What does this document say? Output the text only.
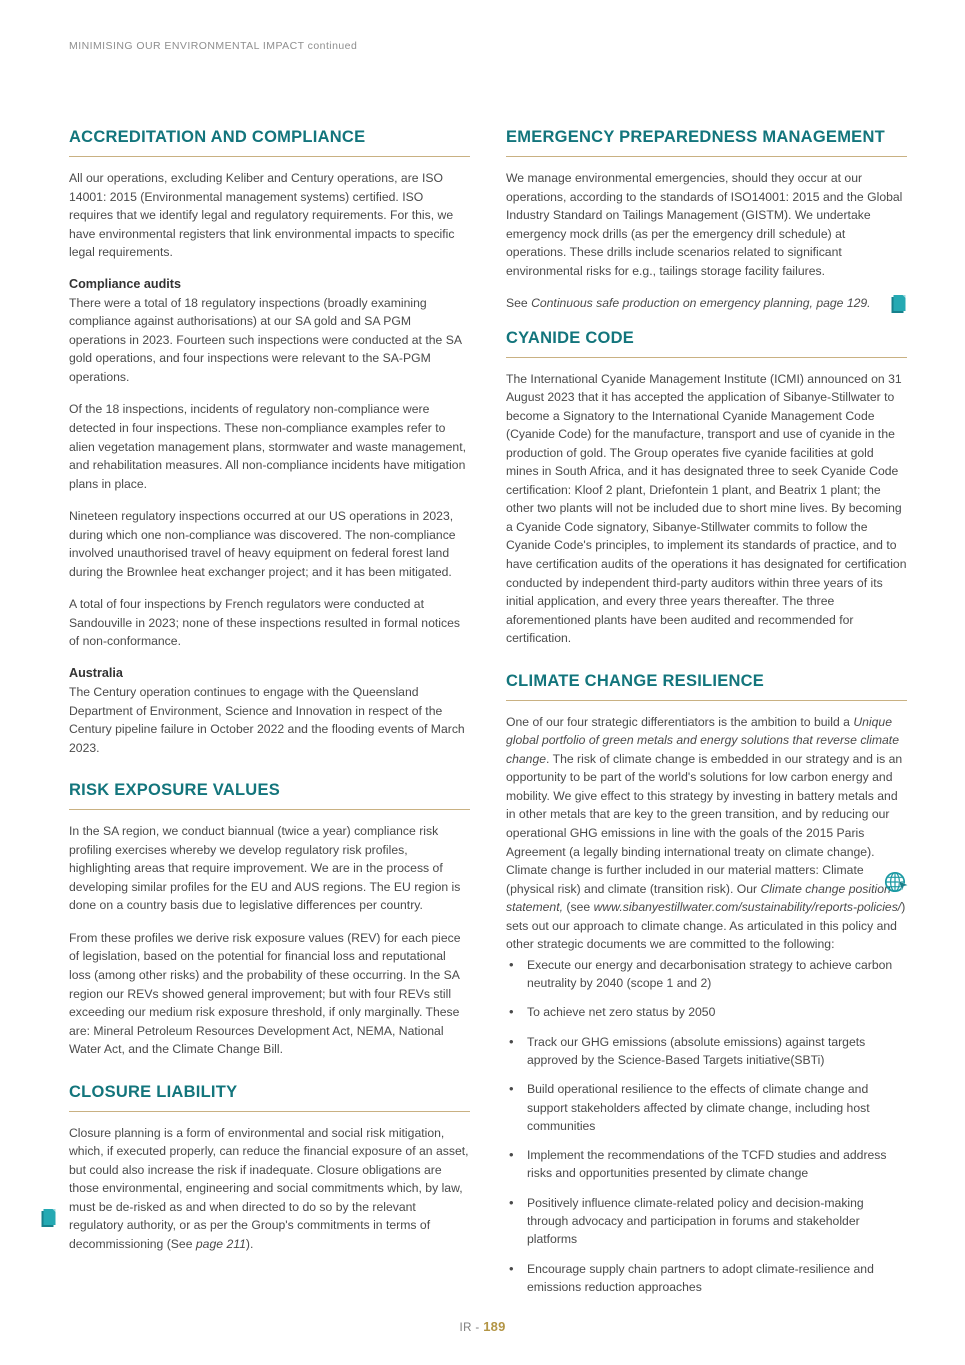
MINIMISING OUR ENVIRONMENTAL IMPACT continued
ACCREDITATION AND COMPLIANCE

All our operations, excluding Keliber and Century operations, are ISO 14001: 2015 (Environmental management systems) certified. ISO requires that we identify legal and regulatory requirements. For this, we have environmental registers that link environmental impacts to specific legal requirements.

Compliance audits

There were a total of 18 regulatory inspections (broadly examining compliance against authorisations) at our SA gold and SA PGM operations in 2023. Fourteen such inspections were conducted at the SA gold operations, and four inspections were relevant to the SA-PGM operations.

Of the 18 inspections, incidents of regulatory non-compliance were detected in four inspections. These non-compliance examples refer to alien vegetation management plans, stormwater and waste management, and rehabilitation measures. All non-compliance incidents have mitigation plans in place.

Nineteen regulatory inspections occurred at our US operations in 2023, during which one non-compliance was discovered. The non-compliance involved unauthorised travel of heavy equipment on federal forest land during the Brownlee heat exchanger project; and it has been mitigated.

A total of four inspections by French regulators were conducted at Sandouville in 2023; none of these inspections resulted in formal notices of non-conformance.

Australia

The Century operation continues to engage with the Queensland Department of Environment, Science and Innovation in respect of the Century pipeline failure in October 2022 and the flooding events of March 2023.

RISK EXPOSURE VALUES

In the SA region, we conduct biannual (twice a year) compliance risk profiling exercises whereby we develop regulatory risk profiles, highlighting areas that require improvement. We are in the process of developing similar profiles for the EU and AUS regions. The EU region is done on a country basis due to legislative differences per country.

From these profiles we derive risk exposure values (REV) for each piece of legislation, based on the potential for financial loss and reputational loss (among other risks) and the probability of these occurring. In the SA region our REVs showed general improvement; but with four REVs still exceeding our medium risk exposure threshold, if only marginally. These are: Mineral Petroleum Resources Development Act, NEMA, National Water Act, and the Climate Change Bill.

CLOSURE LIABILITY

Closure planning is a form of environmental and social risk mitigation, which, if executed properly, can reduce the financial exposure of an asset, but could also increase the risk if inadequate. Closure obligations are those environmental, engineering and social commitments which, by law, must be de-risked as and when directed to do so by the relevant regulatory authority, or as per the Group's commitments in terms of decommissioning (See page 211).

EMERGENCY PREPAREDNESS MANAGEMENT

We manage environmental emergencies, should they occur at our operations, according to the standards of ISO14001: 2015 and the Global Industry Standard on Tailings Management (GISTM). We undertake emergency mock drills (as per the emergency drill schedule) at operations. These drills include scenarios related to significant environmental risks for e.g., tailings storage facility failures.

See Continuous safe production on emergency planning, page 129.
CYANIDE CODE

The International Cyanide Management Institute (ICMI) announced on 31 August 2023 that it has accepted the application of Sibanye-Stillwater to become a Signatory to the International Cyanide Management Code (Cyanide Code) for the manufacture, transport and use of cyanide in the production of gold. The Group operates five cyanide facilities at gold mines in South Africa, and it has designated three to seek Cyanide Code certification: Kloof 2 plant, Driefontein 1 plant, and Beatrix 1 plant; the other two plants will not be included due to short mine lives. By becoming a Cyanide Code signatory, Sibanye-Stillwater commits to follow the Cyanide Code's principles, to implement its standards of practice, and to have certification audits of the operations it has designated for certification conducted by independent third-party auditors within three years of its initial application, and every three years thereafter. The three aforementioned plants have been audited and recommended for certification.

CLIMATE CHANGE RESILIENCE

One of our four strategic differentiators is the ambition to build a Unique global portfolio of green metals and energy solutions that reverse climate change. The risk of climate change is embedded in our strategy and is an opportunity to be part of the world's solutions for low carbon energy and mobility. We give effect to this strategy by investing in battery metals and in other metals that are key to the green transition, and by reducing our operational GHG emissions in line with the goals of the 2015 Paris Agreement (a legally binding international treaty on climate change). Climate change is further included in our material matters: Climate (physical risk) and climate (transition risk). Our Climate change position statement, (see www.sibanyestillwater.com/sustainability/reports-policies/) sets out our approach to climate change. As articulated in this policy and other strategic documents we are committed to the following:

• Execute our energy and decarbonisation strategy to achieve carbon neutrality by 2040 (scope 1 and 2)
• To achieve net zero status by 2050
• Track our GHG emissions (absolute emissions) against targets approved by the Science-Based Targets initiative(SBTi)
• Build operational resilience to the effects of climate change and support stakeholders affected by climate change, including host communities
• Implement the recommendations of the TCFD studies and address risks and opportunities presented by climate change
• Positively influence climate-related policy and decision-making through advocacy and participation in forums and stakeholder platforms
• Encourage supply chain partners to adopt climate-resilience and emissions reduction approaches
IR - 189
